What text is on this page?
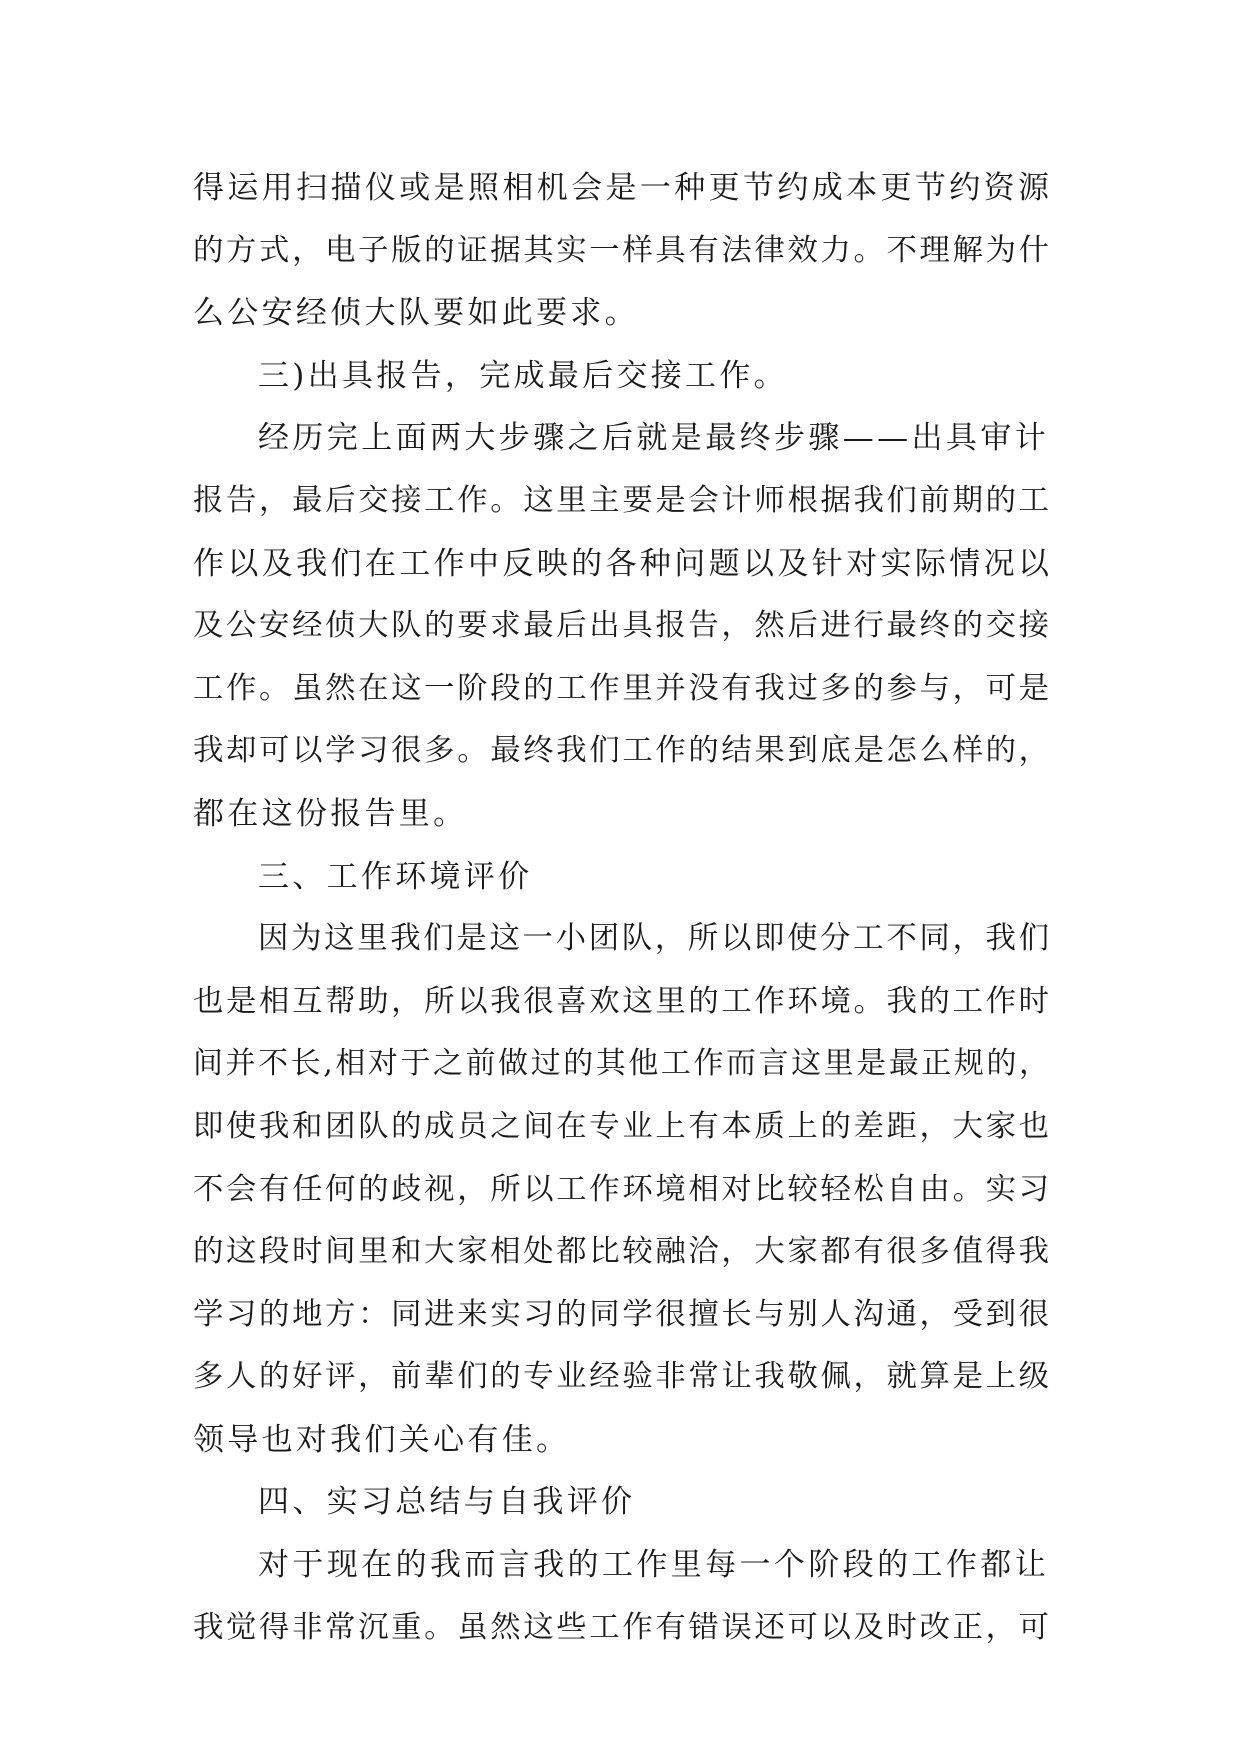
得运用扫描仪或是照相机会是一种更节约成本更节约资源
的方式，电子版的证据其实一样具有法律效力。不理解为什
么公安经侦大队要如此要求。
三)出具报告，完成最后交接工作。
经历完上面两大步骤之后就是最终步骤——出具审计
报告，最后交接工作。这里主要是会计师根据我们前期的工
作以及我们在工作中反映的各种问题以及针对实际情况以
及公安经侦大队的要求最后出具报告，然后进行最终的交接
工作。虽然在这一阶段的工作里并没有我过多的参与，可是
我却可以学习很多。最终我们工作的结果到底是怎么样的，
都在这份报告里。
三、工作环境评价
因为这里我们是这一小团队，所以即使分工不同，我们
也是相互帮助，所以我很喜欢这里的工作环境。我的工作时
间并不长,相对于之前做过的其他工作而言这里是最正规的，
即使我和团队的成员之间在专业上有本质上的差距，大家也
不会有任何的歧视，所以工作环境相对比较轻松自由。实习
的这段时间里和大家相处都比较融洽，大家都有很多值得我
学习的地方：同进来实习的同学很擅长与别人沟通，受到很
多人的好评，前辈们的专业经验非常让我敬佩，就算是上级
领导也对我们关心有佳。
四、实习总结与自我评价
对于现在的我而言我的工作里每一个阶段的工作都让
我觉得非常沉重。虽然这些工作有错误还可以及时改正，可
